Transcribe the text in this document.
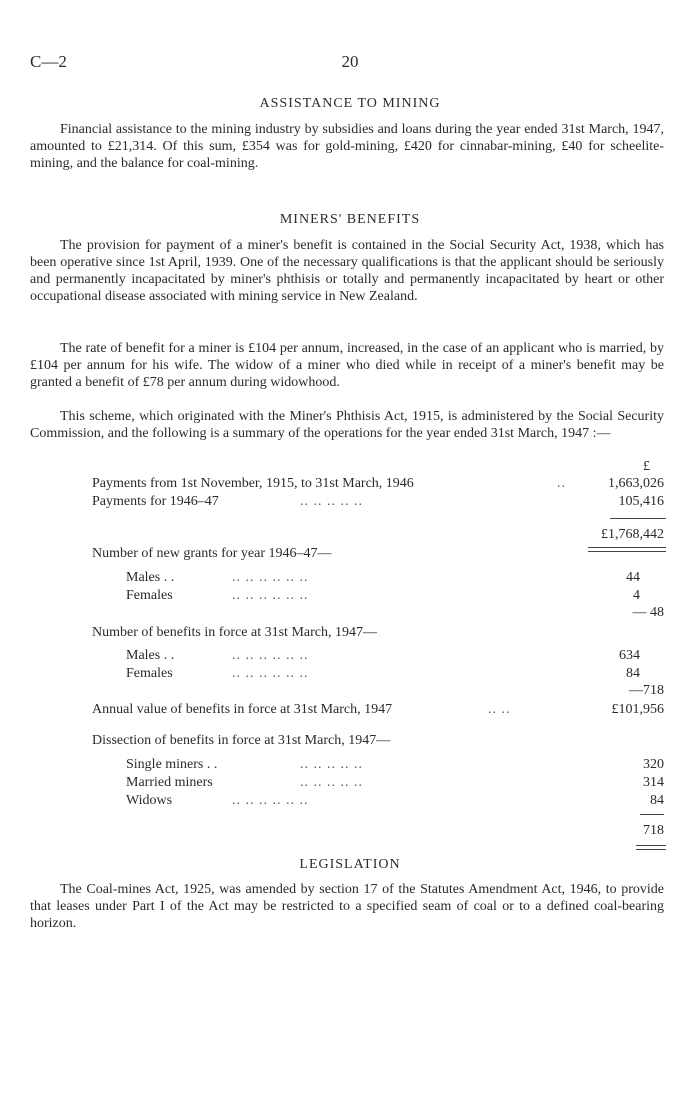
C—2	20
ASSISTANCE TO MINING

Financial assistance to the mining industry by subsidies and loans during the year ended 31st March, 1947, amounted to £21,314. Of this sum, £354 was for gold-mining, £420 for cinnabar-mining, £40 for scheelite-mining, and the balance for coal-mining.

MINERS' BENEFITS

The provision for payment of a miner's benefit is contained in the Social Security Act, 1938, which has been operative since 1st April, 1939. One of the necessary qualifications is that the applicant should be seriously and permanently incapacitated by miner's phthisis or totally and permanently incapacitated by heart or other occupational disease associated with mining service in New Zealand.

The rate of benefit for a miner is £104 per annum, increased, in the case of an applicant who is married, by £104 per annum for his wife. The widow of a miner who died while in receipt of a miner's benefit may be granted a benefit of £78 per annum during widowhood.

This scheme, which originated with the Miner's Phthisis Act, 1915, is administered by the Social Security Commission, and the following is a summary of the operations for the year ended 31st March, 1947 :—

£
Payments from 1st November, 1915, to 31st March, 1946	..	1,663,026
Payments for 1946–47	.. .. .. .. ..	105,416
£1,768,442
Number of new grants for year 1946–47—
Males . .	.. .. .. .. .. ..	44
Females	.. .. .. .. .. ..	4
— 48
Number of benefits in force at 31st March, 1947—
Males . .	.. .. .. .. .. ..	634
Females	.. .. .. .. .. ..	84
—718
Annual value of benefits in force at 31st March, 1947	.. ..	£101,956
Dissection of benefits in force at 31st March, 1947—
Single miners . .	.. .. .. .. ..	320
Married miners	.. .. .. .. ..	314
Widows	.. .. .. .. .. ..	84
718
LEGISLATION

The Coal-mines Act, 1925, was amended by section 17 of the Statutes Amendment Act, 1946, to provide that leases under Part I of the Act may be restricted to a specified seam of coal or to a defined coal-bearing horizon.
